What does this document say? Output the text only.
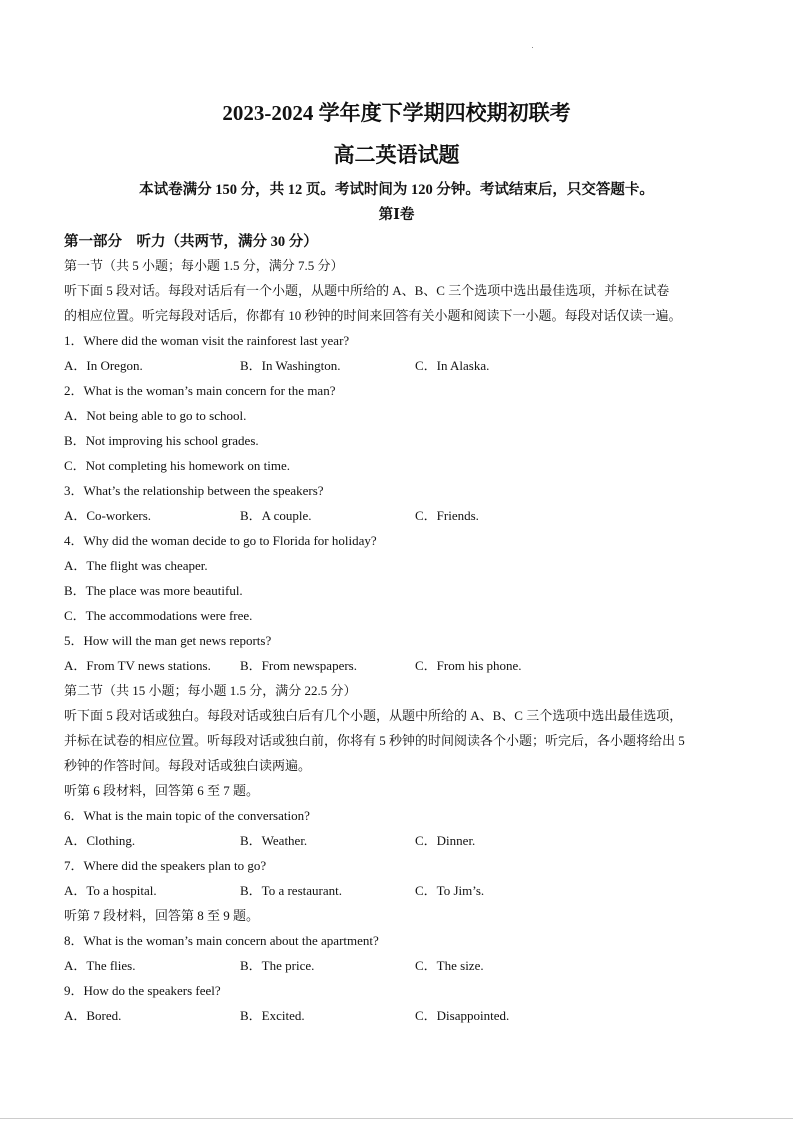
2023-2024 学年度下学期四校期初联考
高二英语试题
本试卷满分 150 分，共 12 页。考试时间为 120 分钟。考试结束后，只交答题卡。
第Ⅰ卷
第一部分　听力（共两节，满分 30 分）
第一节（共 5 小题；每小题 1.5 分，满分 7.5 分）
听下面 5 段对话。每段对话后有一个小题，从题中所给的 A、B、C 三个选项中选出最佳选项，并标在试卷
的相应位置。听完每段对话后，你都有 10 秒钟的时间来回答有关小题和阅读下一小题。每段对话仅读一遍。
1．Where did the woman visit the rainforest last year?
A．In Oregon.	B．In Washington.	C．In Alaska.
2．What is the woman’s main concern for the man?
A．Not being able to go to school.
B．Not improving his school grades.
C．Not completing his homework on time.
3．What’s the relationship between the speakers?
A．Co-workers.	B．A couple.	C．Friends.
4．Why did the woman decide to go to Florida for holiday?
A．The flight was cheaper.
B．The place was more beautiful.
C．The accommodations were free.
5．How will the man get news reports?
A．From TV news stations. B．From newspapers.	C．From his phone.
第二节（共 15 小题；每小题 1.5 分，满分 22.5 分）
听下面 5 段对话或独白。每段对话或独白后有几个小题，从题中所给的 A、B、C 三个选项中选出最佳选项，
并标在试卷的相应位置。听每段对话或独白前，你将有 5 秒钟的时间阅读各个小题；听完后，各小题将给出 5
秒钟的作答时间。每段对话或独白读两遍。
听第 6 段材料，回答第 6 至 7 题。
6．What is the main topic of the conversation?
A．Clothing.	B．Weather.	C．Dinner.
7．Where did the speakers plan to go?
A．To a hospital.	B．To a restaurant.	C．To Jim’s.
听第 7 段材料，回答第 8 至 9 题。
8．What is the woman’s main concern about the apartment?
A．The flies.	B．The price.	C．The size.
9．How do the speakers feel?
A．Bored.	B．Excited.	C．Disappointed.
